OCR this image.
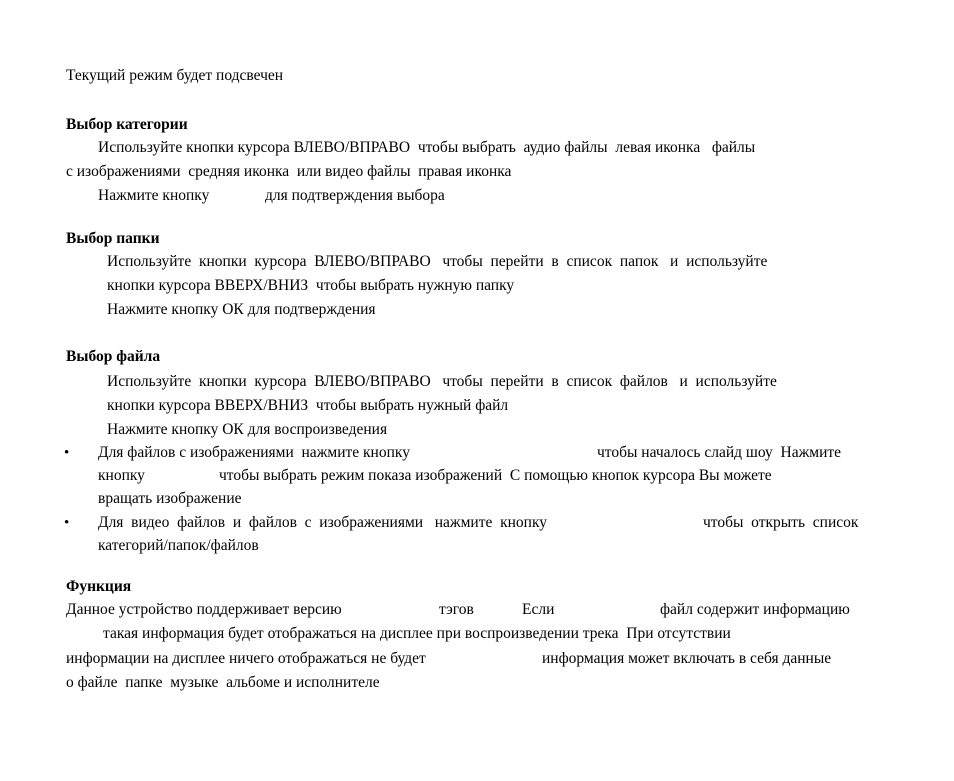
Текущий режим будет подсвечен
Выбор категории
Используйте кнопки курсора ВЛЕВО/ВПРАВО  чтобы выбрать  аудио файлы  левая иконка   файлы
с изображениями  средняя иконка  или видео файлы  правая иконка
Нажмите кнопку	для подтверждения выбора
Выбор папки
Используйте  кнопки  курсора  ВЛЕВО/ВПРАВО   чтобы  перейти  в  список  папок   и  используйте
кнопки курсора ВВЕРХ/ВНИЗ  чтобы выбрать нужную папку
Нажмите кнопку ОК для подтверждения
Выбор файла
Используйте  кнопки  курсора  ВЛЕВО/ВПРАВО   чтобы  перейти  в  список  файлов   и  используйте
кнопки курсора ВВЕРХ/ВНИЗ  чтобы выбрать нужный файл
Нажмите кнопку ОК для воспроизведения
• Для файлов с изображениями  нажмите кнопку	чтобы началось слайд шоу  Нажмите
кнопку	чтобы выбрать режим показа изображений  С помощью кнопок курсора Вы можете
вращать изображение
• Для  видео  файлов  и  файлов  с  изображениями   нажмите  кнопку	чтобы  открыть  список
категорий/папок/файлов
Функция
Данное устройство поддерживает версию	тэгов	Если	файл содержит информацию
такая информация будет отображаться на дисплее при воспроизведении трека  При отсутствии
информации на дисплее ничего отображаться не будет	информация может включать в себя данные
о файле  папке  музыке  альбоме и исполнителе
